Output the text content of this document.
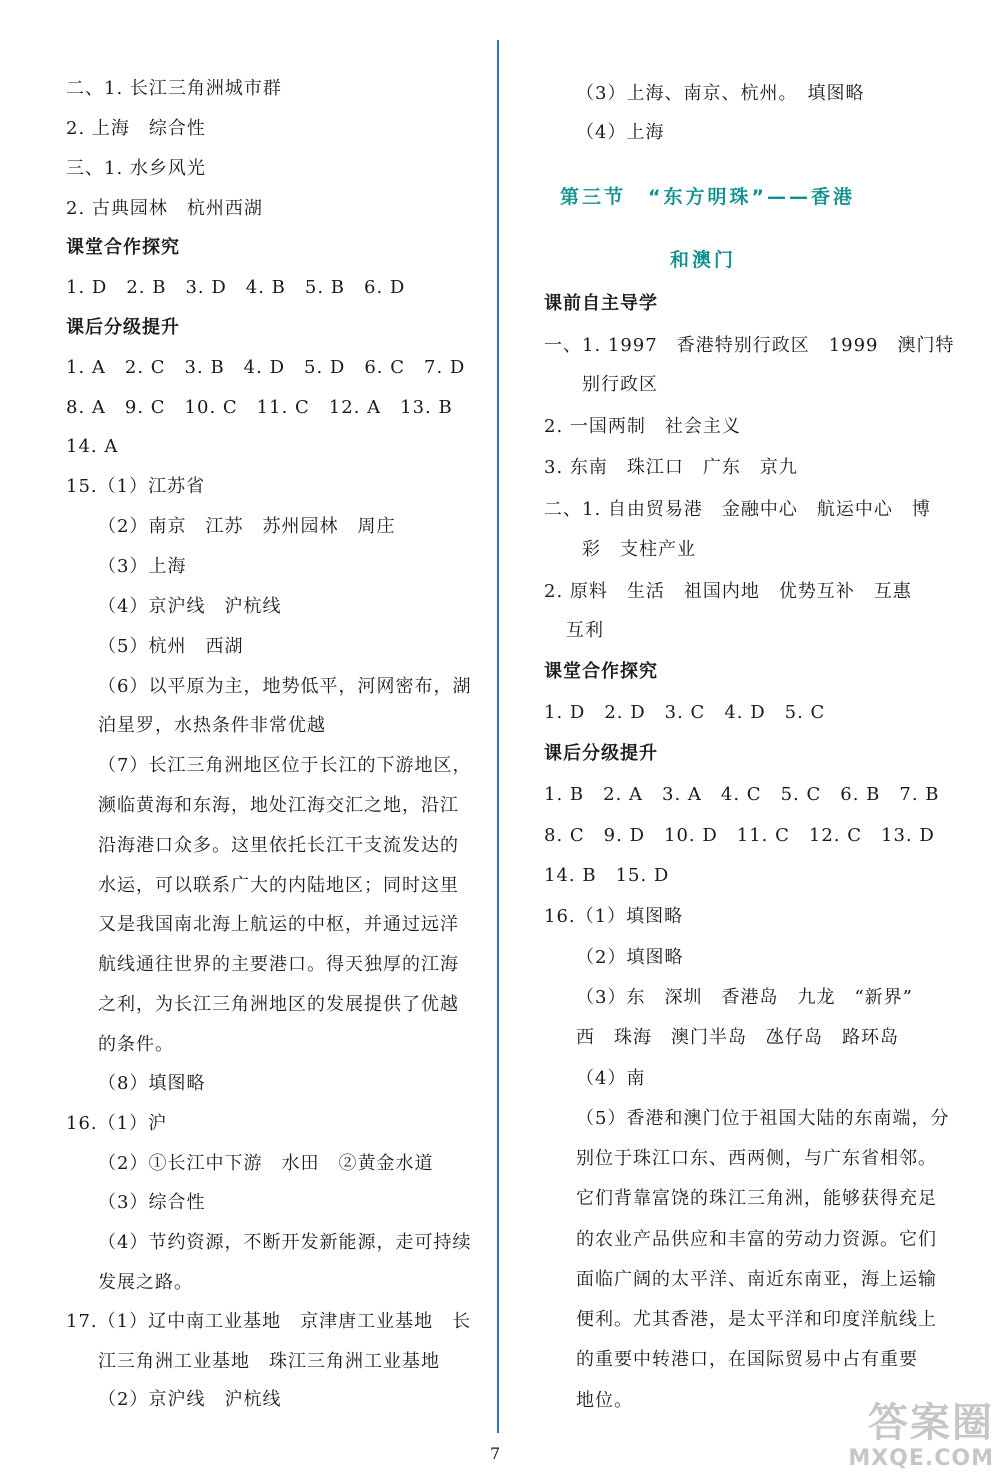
二、1. 长江三角洲城市群
2. 上海　综合性
三、1. 水乡风光
2. 古典园林　杭州西湖
课堂合作探究
1. D　2. B　3. D　4. B　5. B　6. D
课后分级提升
1. A　2. C　3. B　4. D　5. D　6. C　7. D
8. A　9. C　10. C　11. C　12. A　13. B
14. A
15.（1）江苏省
（2）南京　江苏　苏州园林　周庄
（3）上海
（4）京沪线　沪杭线
（5）杭州　西湖
（6）以平原为主，地势低平，河网密布，湖
泊星罗，水热条件非常优越
（7）长江三角洲地区位于长江的下游地区，
濒临黄海和东海，地处江海交汇之地，沿江
沿海港口众多。这里依托长江干支流发达的
水运，可以联系广大的内陆地区；同时这里
又是我国南北海上航运的中枢，并通过远洋
航线通往世界的主要港口。得天独厚的江海
之利，为长江三角洲地区的发展提供了优越
的条件。
（8）填图略
16.（1）沪
（2）①长江中下游　水田　②黄金水道
（3）综合性
（4）节约资源，不断开发新能源，走可持续
发展之路。
17.（1）辽中南工业基地　京津唐工业基地　长
江三角洲工业基地　珠江三角洲工业基地
（2）京沪线　沪杭线
（3）上海、南京、杭州。　填图略
（4）上海
第三节　“东方明珠”——香港
和澳门
课前自主导学
一、1. 1997　香港特别行政区　1999　澳门特
别行政区
2. 一国两制　社会主义
3. 东南　珠江口　广东　京九
二、1. 自由贸易港　金融中心　航运中心　博
彩　支柱产业
2. 原料　生活　祖国内地　优势互补　互惠
互利
课堂合作探究
1. D　2. D　3. C　4. D　5. C
课后分级提升
1. B　2. A　3. A　4. C　5. C　6. B　7. B
8. C　9. D　10. D　11. C　12. C　13. D
14. B　15. D
16.（1）填图略
（2）填图略
（3）东　深圳　香港岛　九龙　“新界”
西　珠海　澳门半岛　氹仔岛　路环岛
（4）南
（5）香港和澳门位于祖国大陆的东南端，分
别位于珠江口东、西两侧，与广东省相邻。
它们背靠富饶的珠江三角洲，能够获得充足
的农业产品供应和丰富的劳动力资源。它们
面临广阔的太平洋、南近东南亚，海上运输
便利。尤其香港，是太平洋和印度洋航线上
的重要中转港口，在国际贸易中占有重要
地位。
7
答案圈
MXQE.COM
